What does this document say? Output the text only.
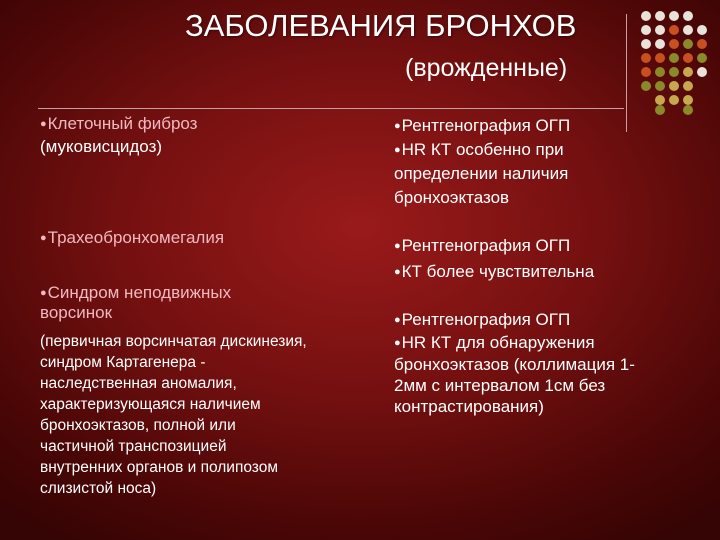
ЗАБОЛЕВАНИЯ БРОНХОВ
(врожденные)

●Клеточный фиброз

(муковисцидоз)

●Рентгенография ОГП

●HR КТ особенно при

определении наличия

бронхоэктазов

●Трахеобронхомегалия	●Рентгенография ОГП

●КТ более чувствительна

●Синдром неподвижных

ворсинок

(первичная ворсинчатая дискинезия,

синдром Картагенера -

наследственная аномалия,

характеризующаяся наличием

бронхоэктазов, полной или

частичной транспозицией

внутренних органов и полипозом

слизистой носа)

●Рентгенография ОГП

●HR КТ для обнаружения

бронхоэктазов (коллимация 1-

2мм с интервалом 1см без

контрастирования)
